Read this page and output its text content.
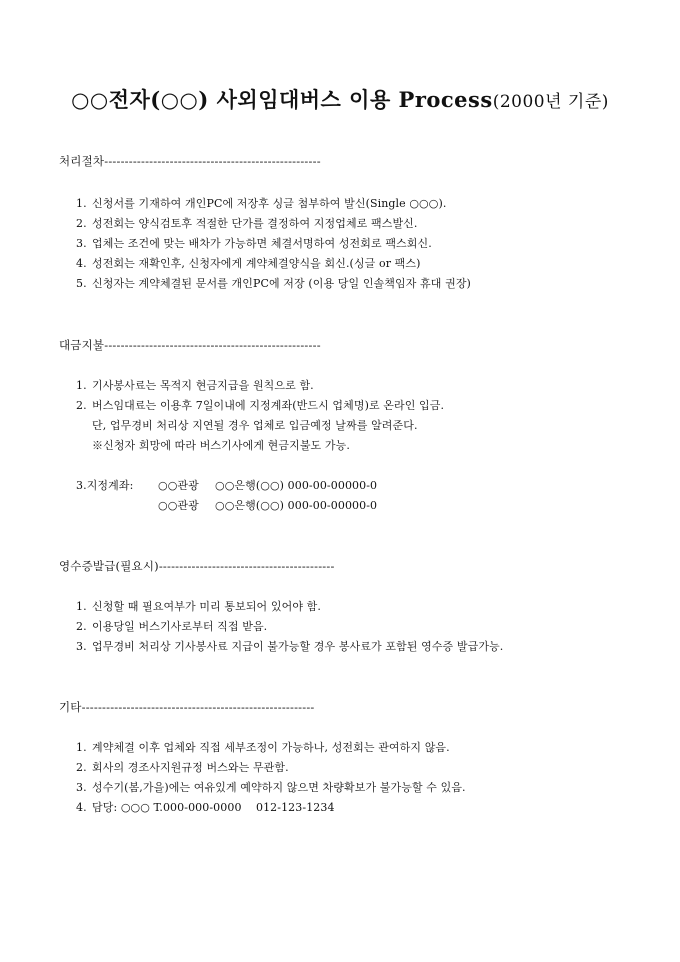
○○전자(○○) 사외임대버스 이용 Process(2000년 기준)
처리절차-----------------------------------------------------
1. 신청서를 기재하여 개인PC에 저장후 싱글 첨부하여 발신(Single ○○○).
2. 성전회는 양식검토후 적절한 단가를 결정하여 지정업체로 팩스발신.
3. 업체는 조건에 맞는 배차가 가능하면 체결서명하여 성전회로 팩스회신.
4. 성전회는 재확인후, 신청자에게 계약체결양식을 회신.(싱글 or 팩스)
5. 신청자는 계약체결된 문서를 개인PC에 저장 (이용 당일 인솔책임자 휴대 권장)
대금지불-----------------------------------------------------
1. 기사봉사료는 목적지 현금지급을 원칙으로 함.
2. 버스임대료는 이용후 7일이내에 지정계좌(반드시 업체명)로 온라인 입금.
단, 업무경비 처리상 지연될 경우 업체로 입금예정 날짜를 알려준다.
※신청자 희망에 따라 버스기사에게 현금지불도 가능.
3.지정계좌: ○○관광 ○○은행(○○) 000-00-00000-0
○○관광 ○○은행(○○) 000-00-00000-0
영수증발급(필요시)-------------------------------------------
1. 신청할 때 필요여부가 미리 통보되어 있어야 함.
2. 이용당일 버스기사로부터 직접 받음.
3. 업무경비 처리상 기사봉사료 지급이 불가능할 경우 봉사료가 포함된 영수증 발급가능.
기타---------------------------------------------------------
1. 계약체결 이후 업체와 직접 세부조정이 가능하나, 성전회는 관여하지 않음.
2. 회사의 경조사지원규정 버스와는 무관함.
3. 성수기(봄,가을)에는 여유있게 예약하지 않으면 차량확보가 불가능할 수 있음.
4. 담당: ○○○ T.000-000-0000    012-123-1234
